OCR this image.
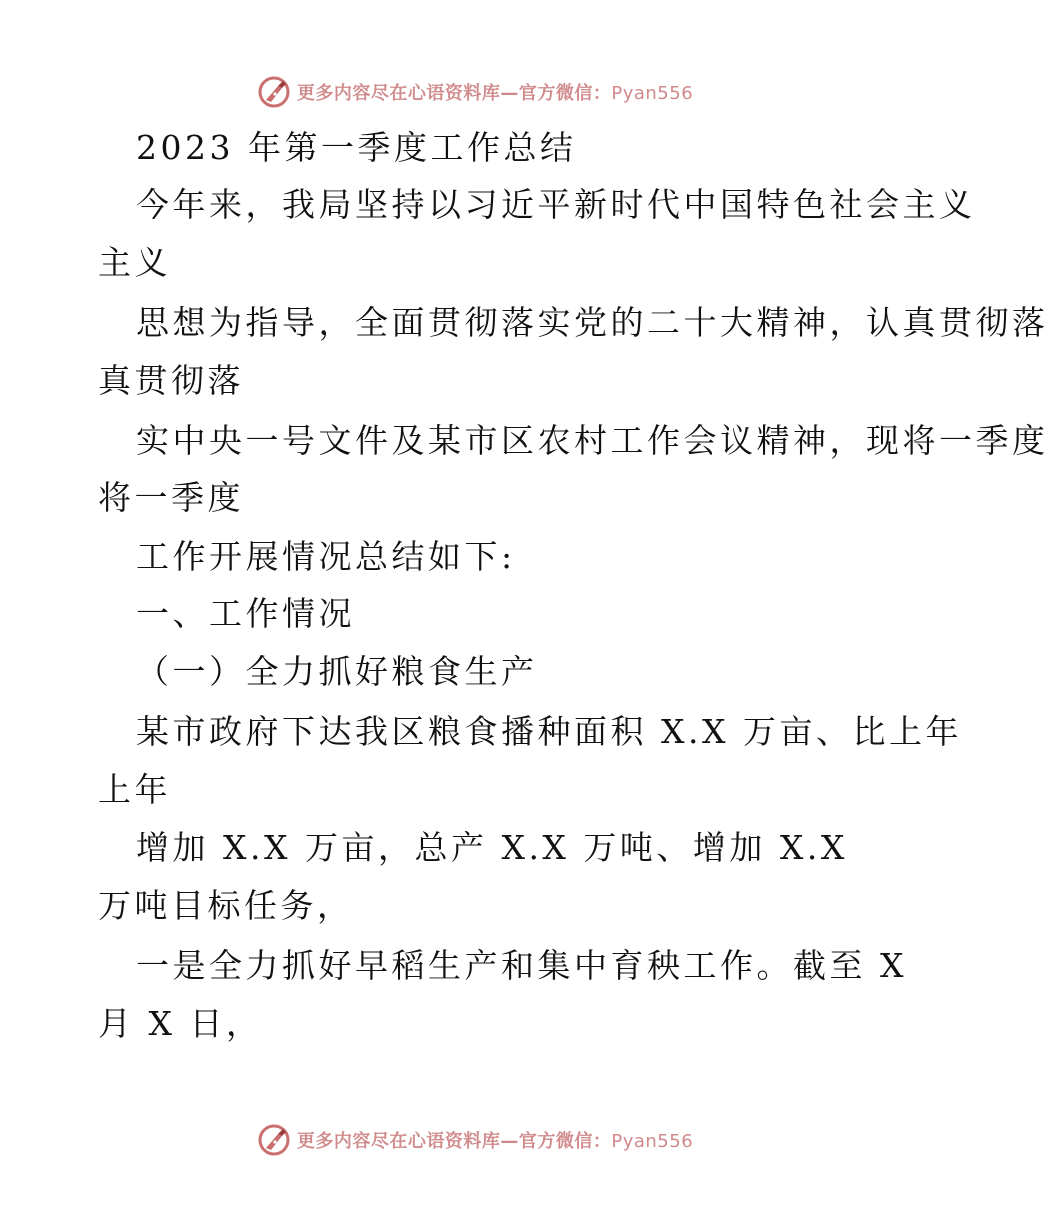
更多内容尽在心语资料库—官方微信：Pyan556
2023 年第一季度工作总结
今年来，我局坚持以习近平新时代中国特色社会主义
主义
思想为指导，全面贯彻落实党的二十大精神，认真贯彻落
真贯彻落
实中央一号文件及某市区农村工作会议精神，现将一季度
将一季度
工作开展情况总结如下:
一、工作情况
（一）全力抓好粮食生产
某市政府下达我区粮食播种面积 X.X 万亩、比上年
上年
增加 X.X 万亩，总产 X.X 万吨、增加 X.X
万吨目标任务，
一是全力抓好早稻生产和集中育秧工作。截至 X
月 X 日，
更多内容尽在心语资料库—官方微信：Pyan556
